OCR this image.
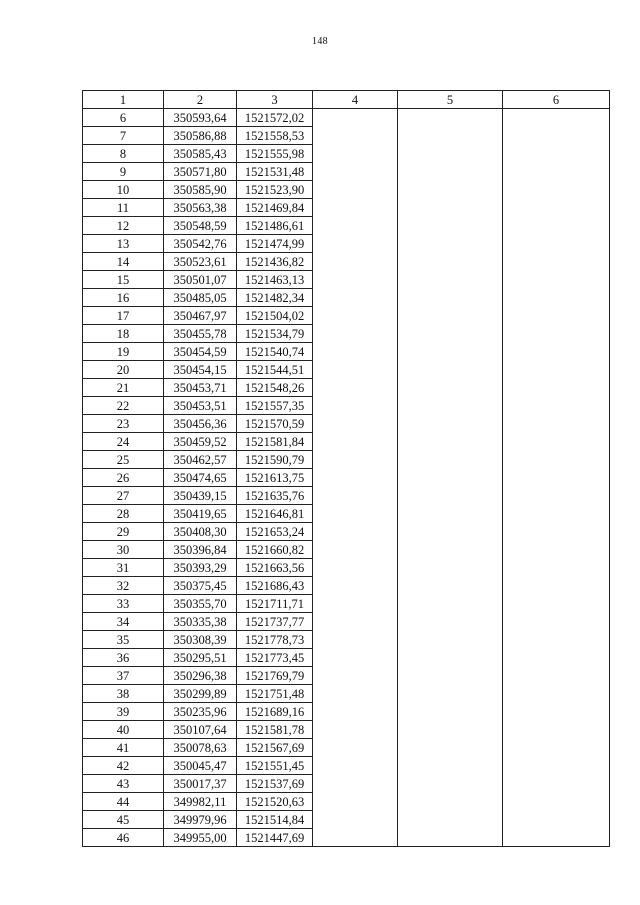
148
1	2	3	4	5	6
6	350593,64	1521572,02			
7	350586,88	1521558,53			
8	350585,43	1521555,98			
9	350571,80	1521531,48			
10	350585,90	1521523,90			
11	350563,38	1521469,84			
12	350548,59	1521486,61			
13	350542,76	1521474,99			
14	350523,61	1521436,82			
15	350501,07	1521463,13			
16	350485,05	1521482,34			
17	350467,97	1521504,02			
18	350455,78	1521534,79			
19	350454,59	1521540,74			
20	350454,15	1521544,51			
21	350453,71	1521548,26			
22	350453,51	1521557,35			
23	350456,36	1521570,59			
24	350459,52	1521581,84			
25	350462,57	1521590,79			
26	350474,65	1521613,75			
27	350439,15	1521635,76			
28	350419,65	1521646,81			
29	350408,30	1521653,24			
30	350396,84	1521660,82			
31	350393,29	1521663,56			
32	350375,45	1521686,43			
33	350355,70	1521711,71			
34	350335,38	1521737,77			
35	350308,39	1521778,73			
36	350295,51	1521773,45			
37	350296,38	1521769,79			
38	350299,89	1521751,48			
39	350235,96	1521689,16			
40	350107,64	1521581,78			
41	350078,63	1521567,69			
42	350045,47	1521551,45			
43	350017,37	1521537,69			
44	349982,11	1521520,63			
45	349979,96	1521514,84			
46	349955,00	1521447,69			
